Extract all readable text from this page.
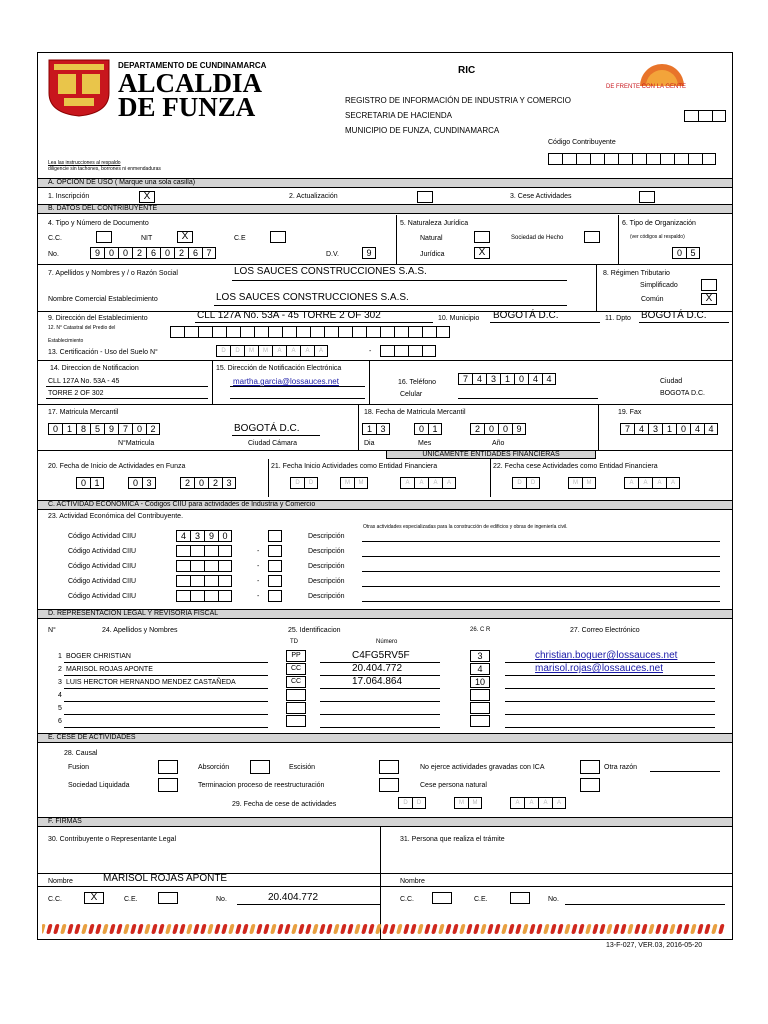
DEPARTAMENTO DE CUNDINAMARCA
ALCALDIA
DE FUNZA
RIC
REGISTRO DE INFORMACIÓN DE INDUSTRIA Y COMERCIO
SECRETARIA DE HACIENDA
MUNICIPIO DE FUNZA, CUNDINAMARCA
Código Contribuyente
DE FRENTE CON LA GENTE
Lea las instrucciones al respaldo
diligencie sin tachones, borrones ni enmendaduras
A. OPCION DE USO ( Marque una sola casilla)
1. Inscripción	X	2. Actualización	3. Cese Actividades
B. DATOS DEL CONTRIBUYENTE
4. Tipo y Número de Documento
C.C.	NIT	X	C.E
No.	9 0 0 2 6 0 2 6 7	D.V.	9
5. Naturaleza Jurídica
Natural
Jurídica	X
Sociedad de Hecho
6. Tipo de Organización
(ver códigos al respaldo)
0 5
7. Apellidos y Nombres y / o Razón Social	LOS SAUCES CONSTRUCCIONES S.A.S.	8. Régimen Tributario
Simplificado
Común	X
Nombre Comercial Establecimiento	LOS SAUCES CONSTRUCCIONES S.A.S.
9. Dirección del Establecimiento	CLL 127A No. 53A - 45 TORRE 2 OF 302	10. Municipio BOGOTÁ D.C.	11. Dpto BOGOTÁ D.C.
12. N° Catastral del Predio del
Establecimiento
13. Certificación - Uso del Suelo N°	D	D	M	M	A	A	A	A	-
14. Direccion de Notificacion
CLL 127A No. 53A - 45
TORRE 2 OF 302
15. Dirección de Notificación Electrónica
martha.garcia@lossauces.net	16. Teléfono	7 4 3 1 0 4 4
Celular
Ciudad
BOGOTA D.C.
17. Matricula Mercantil
0 1 8 5 9 7 0 2
N°Matricula
BOGOTÁ D.C.
Ciudad Cámara
18. Fecha de Matricula Mercantil
1 3	0 1	2 0 0 9
Dia	Mes	Año
19. Fax
7 4 3 1 0 4 4
UNICAMENTE ENTIDADES FINANCIERAS
20. Fecha de Inicio de Actividades en Funza
0 1	0 3	2 0 2 3
21. Fecha Inicio Actividades como Entidad Financiera
D	D	M	M	A	A	A	A
22. Fecha cese Actividades como Entidad Financiera
D	D	M	M	A	A	A	A
C. ACTIVIDAD ECONOMICA - Códigos CIIU para actividades de Industria y Comercio
23. Actividad Económica del Contribuyente.
Código Actividad CIIU	4 3 9 0	Descripción
Código Actividad CIIU	-	Descripción
Código Actividad CIIU	-	Descripción
Código Actividad CIIU	-	Descripción
Código Actividad CIIU	-	Descripción
Otras actividades especializadas para la construcción de edificios y obras de ingeniería civil.
D. REPRESENTACION LEGAL Y REVISORIA FISCAL
N°	24. Apellidos y Nombres	25. Identificacion
TD	Número
26. C R	27. Correo Electrónico
1 BOGER CHRISTIAN	PP	C4FG5RV5F	3	christian.boguer@lossauces.net
2 MARISOL ROJAS APONTE	CC	20.404.772	4	marisol.rojas@lossauces.net
3 LUIS HERCTOR HERNANDO MENDEZ CASTAÑEDA	CC	17.064.864	10
4
5
6
E. CESE DE ACTIVIDADES
28. Causal
Fusion	Absorción	Escisión	No ejerce actividades gravadas con ICA	Otra razón
Sociedad Liquidada	Terminacion proceso de reestructuración	Cese persona natural
29. Fecha de cese de actividades	D	D	M	M	A	A	A	A
F. FIRMAS
30. Contribuyente o Representante Legal	31. Persona que realiza el trámite
Nombre	MARISOL ROJAS APONTE	Nombre
C.C.	X	C.E.	No.	20.404.772	C.C.	C.E.	No.
13-F-027, VER.03, 2016-05-20
